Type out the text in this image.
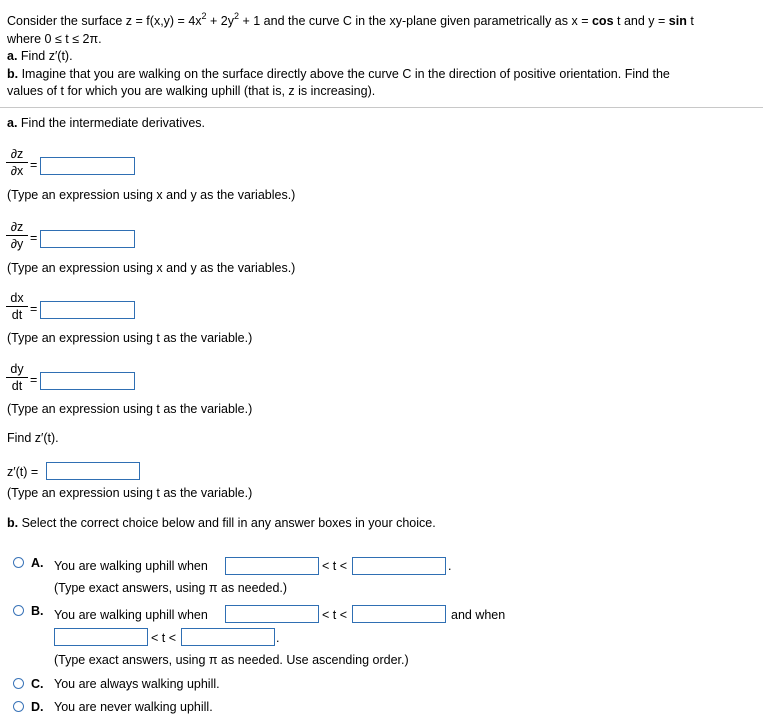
Consider the surface $z = f(x,y) = 4x^2 + 2y^2 + 1$ and the curve C in the xy-plane given parametrically as x = cos t and y = sin t
where 0 ≤ t ≤ 2π.
a. Find z′(t).
b. Imagine that you are walking on the surface directly above the curve C in the direction of positive orientation. Find the
values of t for which you are walking uphill (that is, z is increasing).
a. Find the intermediate derivatives.
∂z
∂x =
(Type an expression using x and y as the variables.)
∂z
∂y =
(Type an expression using x and y as the variables.)
dx
dt =
(Type an expression using t as the variable.)
dy
dt =
(Type an expression using t as the variable.)
Find z′(t).
z′(t) =
(Type an expression using t as the variable.)
b. Select the correct choice below and fill in any answer boxes in your choice.
A. You are walking uphill when	< t <	.
(Type exact answers, using π as needed.)
B. You are walking uphill when	< t <	and when
< t <	.
(Type exact answers, using π as needed. Use ascending order.)
C. You are always walking uphill.
D. You are never walking uphill.
